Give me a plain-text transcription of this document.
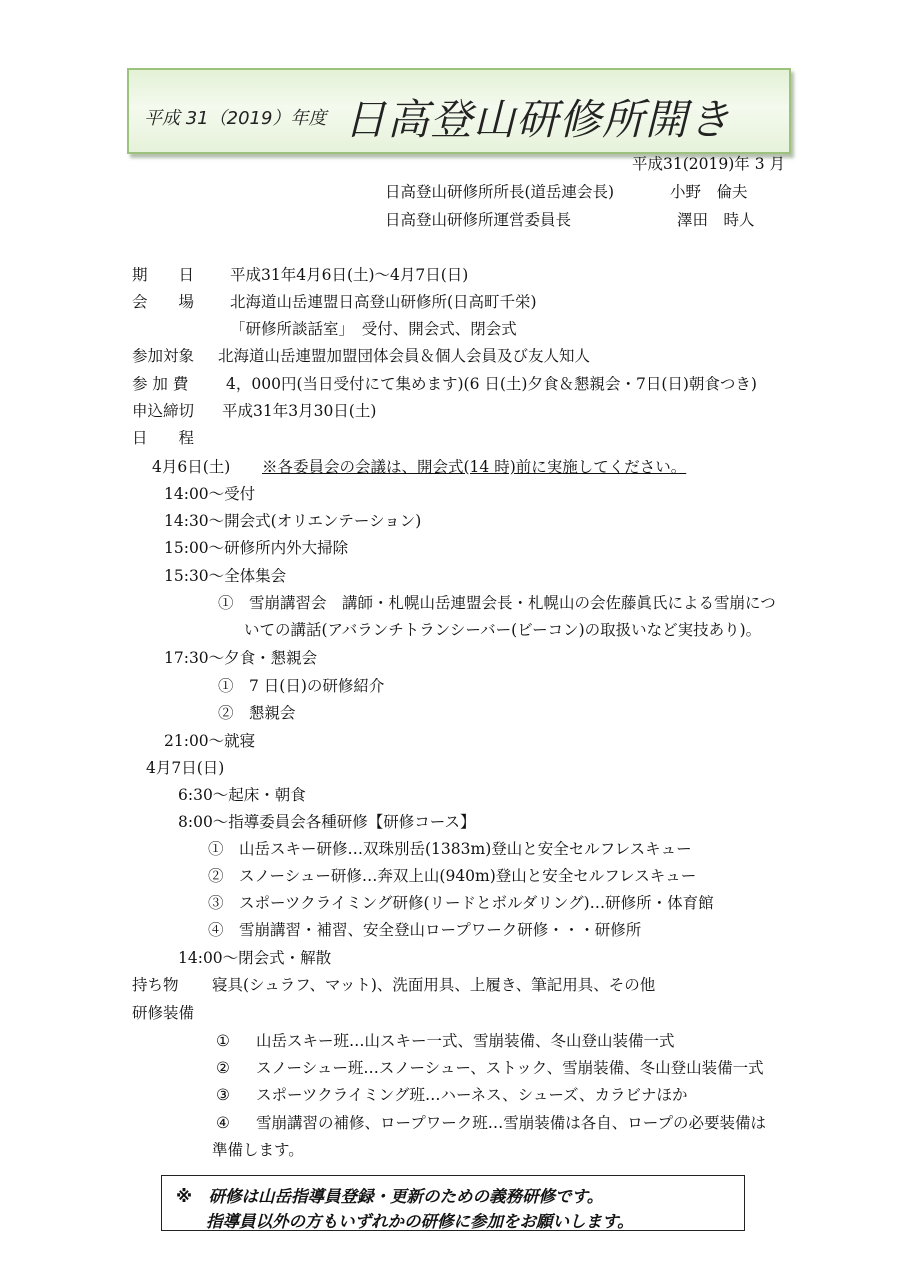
平成 31（2019）年度 日高登山研修所開き
平成31(2019)年 3 月
日高登山研修所所長(道岳連会長)	小野　倫夫
日高登山研修所運営委員長	澤田　時人
期　　日 平成31年4月6日(土)～4月7日(日)
会　　場 北海道山岳連盟日高登山研修所(日高町千栄)
「研修所談話室」　受付、開会式、閉会式
参加対象 北海道山岳連盟加盟団体会員＆個人会員及び友人知人
参 加 費 4，000円(当日受付にて集めます)(6 日(土)夕食＆懇親会・7日(日)朝食つき)
申込締切 平成31年3月30日(土)
日　　程
4月6日(土) ※各委員会の会議は、開会式(14 時)前に実施してください。
14:00～受付
14:30～開会式(オリエンテーション)
15:00～研修所内外大掃除
15:30～全体集会
①　雪崩講習会　講師・札幌山岳連盟会長・札幌山の会佐藤眞氏による雪崩につ
いての講話(アバランチトランシーバー(ビーコン)の取扱いなど実技あり)。
17:30～夕食・懇親会
①　7 日(日)の研修紹介
②　懇親会
21:00～就寝
4月7日(日)
6:30～起床・朝食
8:00～指導委員会各種研修【研修コース】
①　山岳スキー研修…双珠別岳(1383m)登山と安全セルフレスキュー
②　スノーシュー研修…奔双上山(940m)登山と安全セルフレスキュー
③　スポーツクライミング研修(リードとボルダリング)…研修所・体育館
④　雪崩講習・補習、安全登山ロープワーク研修・・・研修所
14:00～閉会式・解散
持ち物 寝具(シュラフ、マット)、洗面用具、上履き、筆記用具、その他
研修装備
① 山岳スキー班…山スキー一式、雪崩装備、冬山登山装備一式
② スノーシュー班…スノーシュー、ストック、雪崩装備、冬山登山装備一式
③ スポーツクライミング班…ハーネス、シューズ、カラビナほか
④ 雪崩講習の補修、ロープワーク班…雪崩装備は各自、ロープの必要装備は
準備します。
※　研修は山岳指導員登録・更新のための義務研修です。
指導員以外の方もいずれかの研修に参加をお願いします。
